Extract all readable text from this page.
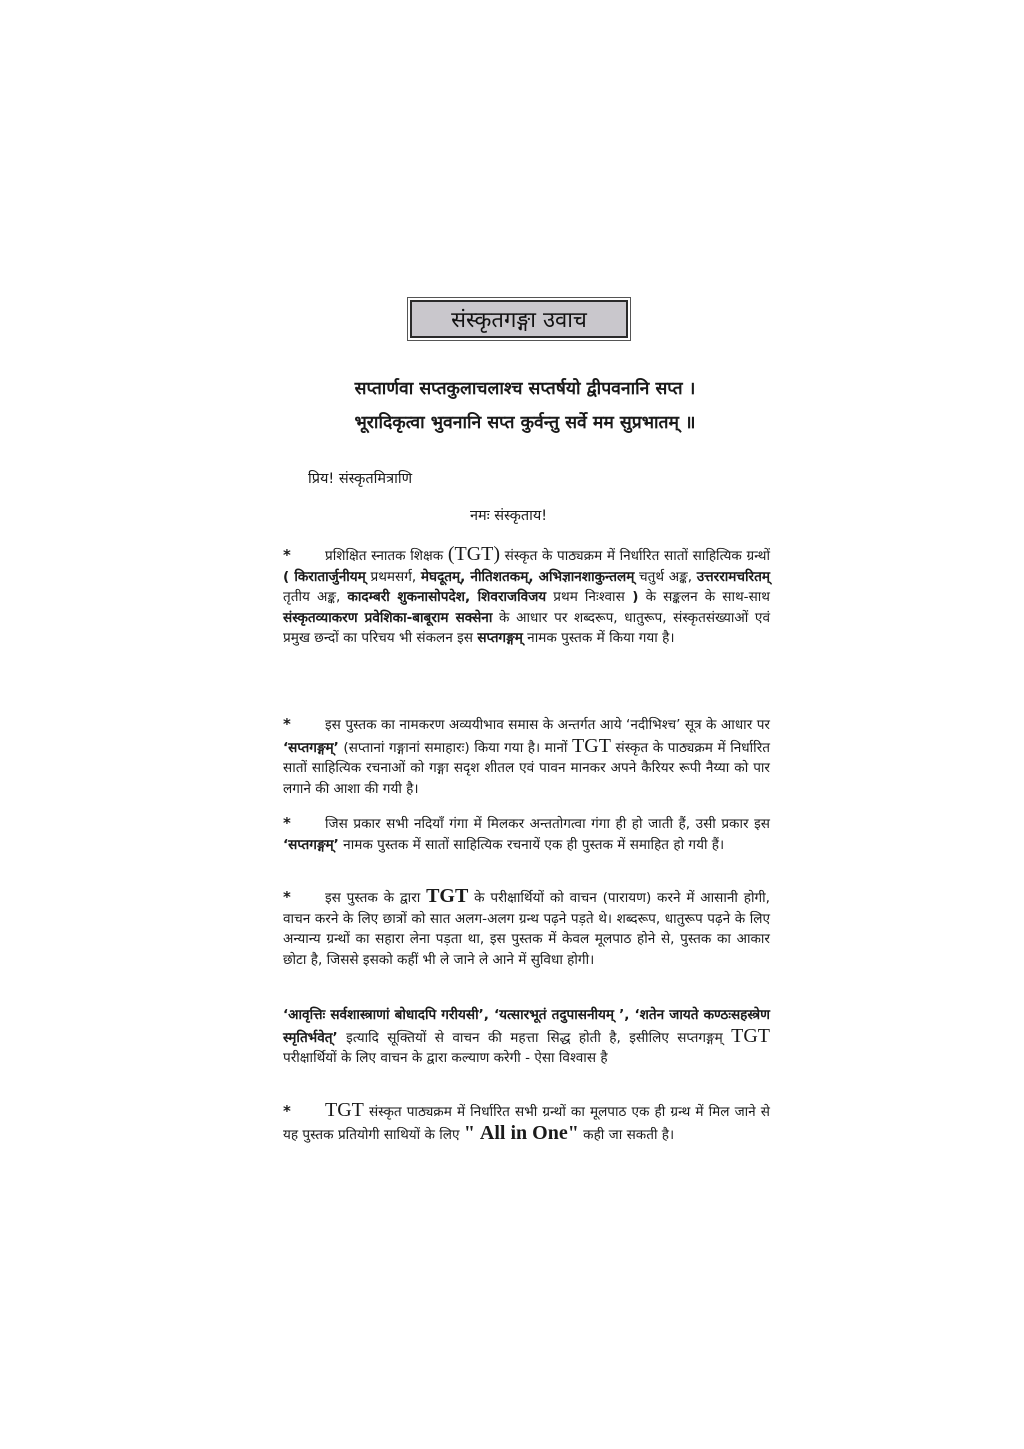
संस्कृतगङ्गा उवाच
सप्तार्णवा सप्तकुलाचलाश्च सप्तर्षयो द्वीपवनानि सप्त ।
भूरादिकृत्वा भुवनानि सप्त कुर्वन्तु सर्वे मम सुप्रभातम् ॥
प्रिय! संस्कृतमित्राणि
नमः संस्कृताय!
*	प्रशिक्षित स्नातक शिक्षक (TGT) संस्कृत के पाठ्यक्रम में निर्धारित सातों साहित्यिक ग्रन्थों ( किरातार्जुनीयम् प्रथमसर्ग, मेघदूतम्, नीतिशतकम्, अभिज्ञानशाकुन्तलम् चतुर्थ अङ्क, उत्तररामचरितम् तृतीय अङ्क, कादम्बरी शुकनासोपदेश, शिवराजविजय प्रथम निःश्वास ) के सङ्कलन के साथ-साथ संस्कृतव्याकरण प्रवेशिका-बाबूराम सक्सेना के आधार पर शब्दरूप, धातुरूप, संस्कृतसंख्याओं एवं प्रमुख छन्दों का परिचय भी संकलन इस सप्तगङ्गम् नामक पुस्तक में किया गया है।
*	इस पुस्तक का नामकरण अव्ययीभाव समास के अन्तर्गत आये ‘नदीभिश्च’ सूत्र के आधार पर ‘सप्तगङ्गम्’ (सप्तानां गङ्गानां समाहारः) किया गया है। मानों TGT संस्कृत के पाठ्यक्रम में निर्धारित सातों साहित्यिक रचनाओं को गङ्गा सदृश शीतल एवं पावन मानकर अपने कैरियर रूपी नैय्या को पार लगाने की आशा की गयी है।
*	जिस प्रकार सभी नदियाँ गंगा में मिलकर अन्ततोगत्वा गंगा ही हो जाती हैं, उसी प्रकार इस ‘सप्तगङ्गम्’ नामक पुस्तक में सातों साहित्यिक रचनायें एक ही पुस्तक में समाहित हो गयी हैं।
*	इस पुस्तक के द्वारा TGT के परीक्षार्थियों को वाचन (पारायण) करने में आसानी होगी, वाचन करने के लिए छात्रों को सात अलग-अलग ग्रन्थ पढ़ने पड़ते थे। शब्दरूप, धातुरूप पढ़ने के लिए अन्यान्य ग्रन्थों का सहारा लेना पड़ता था, इस पुस्तक में केवल मूलपाठ होने से, पुस्तक का आकार छोटा है, जिससे इसको कहीं भी ले जाने ले आने में सुविधा होगी।
‘आवृत्तिः सर्वशास्त्राणां बोधादपि गरीयसी’, ‘यत्सारभूतं तदुपासनीयम् ’, ‘शतेन जायते कण्ठःसहस्त्रेण स्मृतिर्भवेत्’ इत्यादि सूक्तियों से वाचन की महत्ता सिद्ध होती है, इसीलिए सप्तगङ्गम् TGT परीक्षार्थियों के लिए वाचन के द्वारा कल्याण करेगी - ऐसा विश्वास है
* TGT संस्कृत पाठ्यक्रम में निर्धारित सभी ग्रन्थों का मूलपाठ एक ही ग्रन्थ में मिल जाने से यह पुस्तक प्रतियोगी साथियों के लिए " All in One" कही जा सकती है।
